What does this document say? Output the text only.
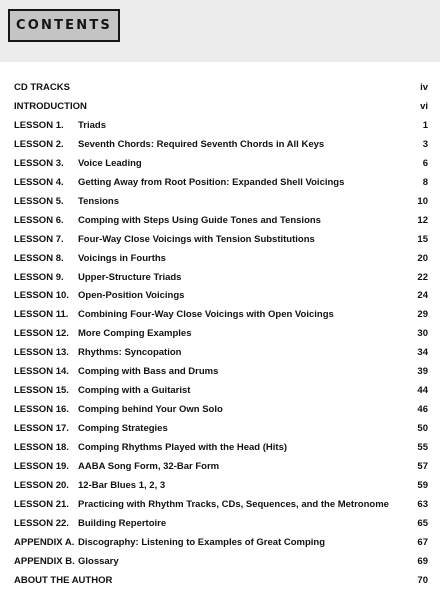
CONTENTS
CD TRACKS	iv
INTRODUCTION	vi
LESSON 1. Triads	1
LESSON 2. Seventh Chords: Required Seventh Chords in All Keys	3
LESSON 3. Voice Leading	6
LESSON 4. Getting Away from Root Position: Expanded Shell Voicings	8
LESSON 5. Tensions	10
LESSON 6. Comping with Steps Using Guide Tones and Tensions	12
LESSON 7. Four-Way Close Voicings with Tension Substitutions	15
LESSON 8. Voicings in Fourths	20
LESSON 9. Upper-Structure Triads	22
LESSON 10. Open-Position Voicings	24
LESSON 11. Combining Four-Way Close Voicings with Open Voicings	29
LESSON 12. More Comping Examples	30
LESSON 13. Rhythms: Syncopation	34
LESSON 14. Comping with Bass and Drums	39
LESSON 15. Comping with a Guitarist	44
LESSON 16. Comping behind Your Own Solo	46
LESSON 17. Comping Strategies	50
LESSON 18. Comping Rhythms Played with the Head (Hits)	55
LESSON 19. AABA Song Form, 32-Bar Form	57
LESSON 20. 12-Bar Blues 1, 2, 3	59
LESSON 21. Practicing with Rhythm Tracks, CDs, Sequences, and the Metronome	63
LESSON 22. Building Repertoire	65
APPENDIX A. Discography: Listening to Examples of Great Comping	67
APPENDIX B. Glossary	69
ABOUT THE AUTHOR	70
